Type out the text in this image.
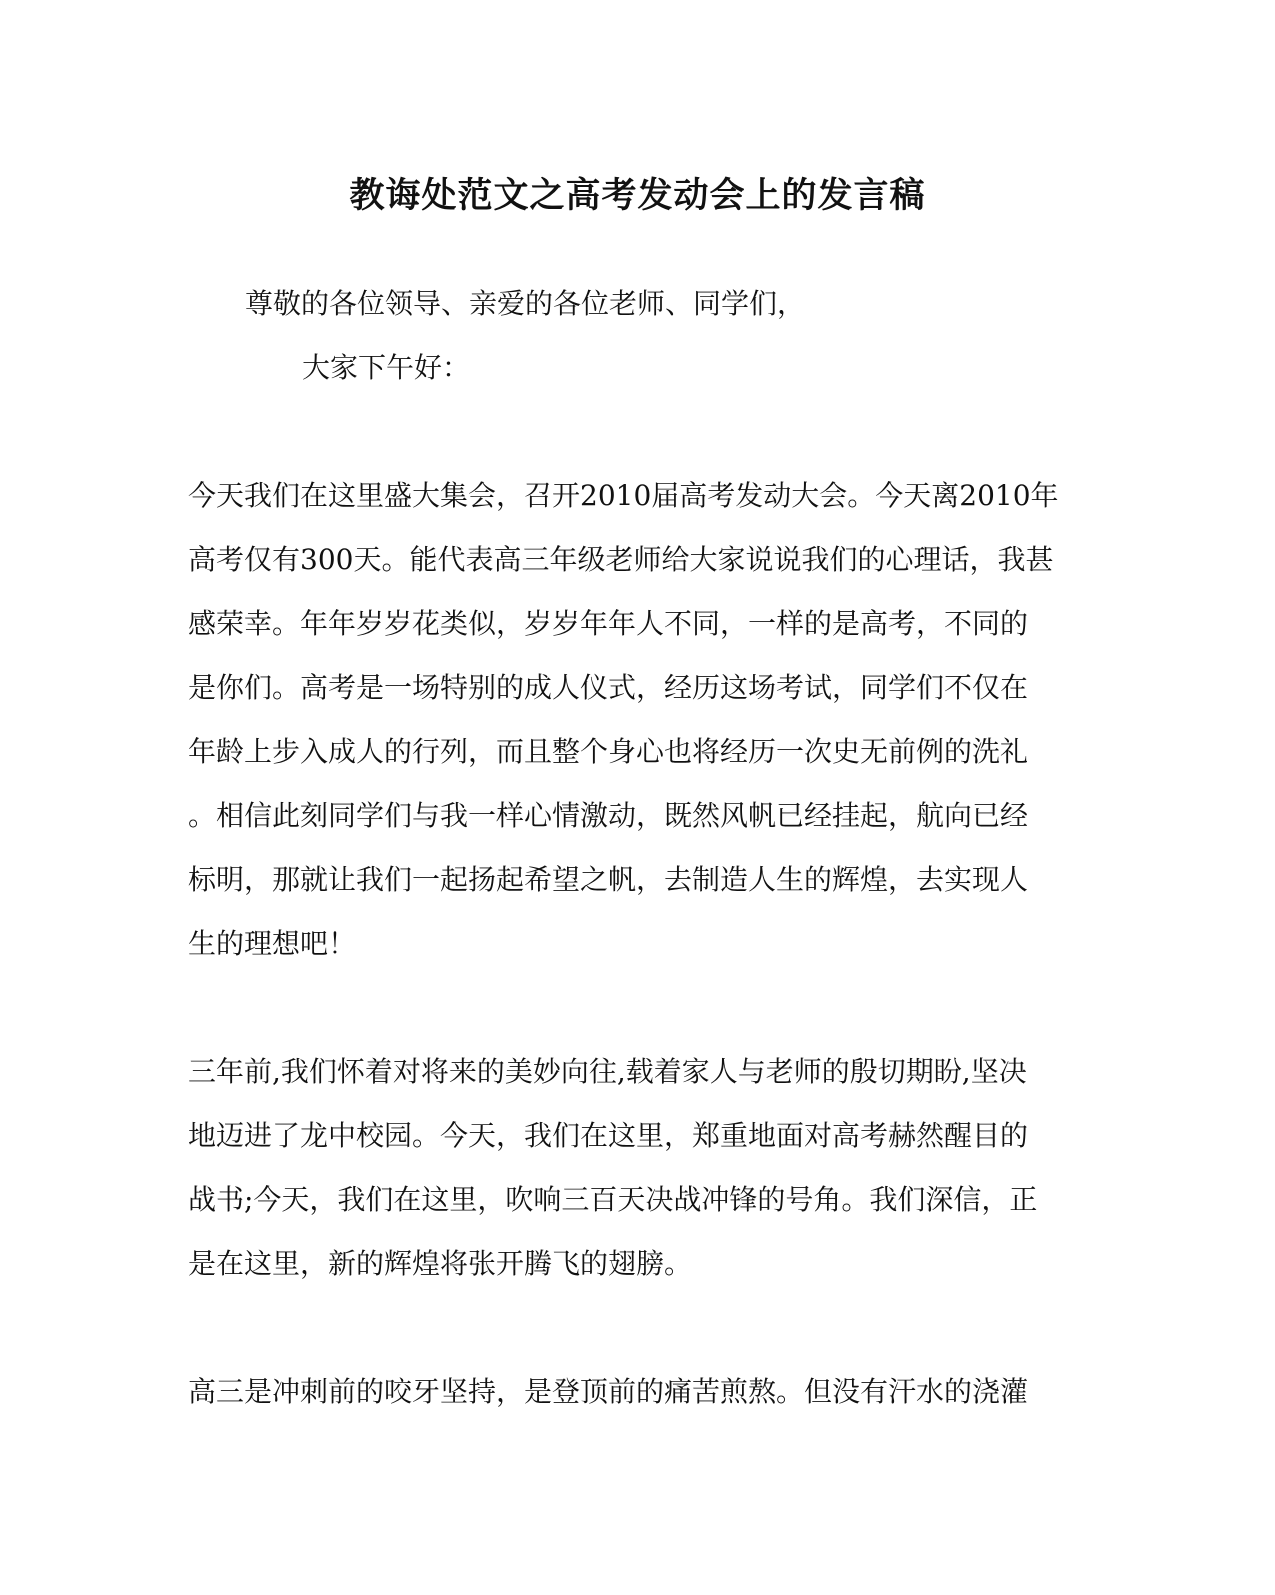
教诲处范文之高考发动会上的发言稿

尊敬的各位领导、亲爱的各位老师、同学们，

大家下午好：

今天我们在这里盛大集会，召开2010届高考发动大会。今天离2010年

高考仅有300天。能代表高三年级老师给大家说说我们的心理话，我甚

感荣幸。年年岁岁花类似，岁岁年年人不同，一样的是高考，不同的

是你们。高考是一场特别的成人仪式，经历这场考试，同学们不仅在

年龄上步入成人的行列，而且整个身心也将经历一次史无前例的洗礼

。相信此刻同学们与我一样心情激动，既然风帆已经挂起，航向已经

标明，那就让我们一起扬起希望之帆，去制造人生的辉煌，去实现人

生的理想吧！

三年前,我们怀着对将来的美妙向往,载着家人与老师的殷切期盼,坚决

地迈进了龙中校园。今天，我们在这里，郑重地面对高考赫然醒目的

战书;今天，我们在这里，吹响三百天决战冲锋的号角。我们深信，正

是在这里，新的辉煌将张开腾飞的翅膀。

高三是冲刺前的咬牙坚持，是登顶前的痛苦煎熬。但没有汗水的浇灌
